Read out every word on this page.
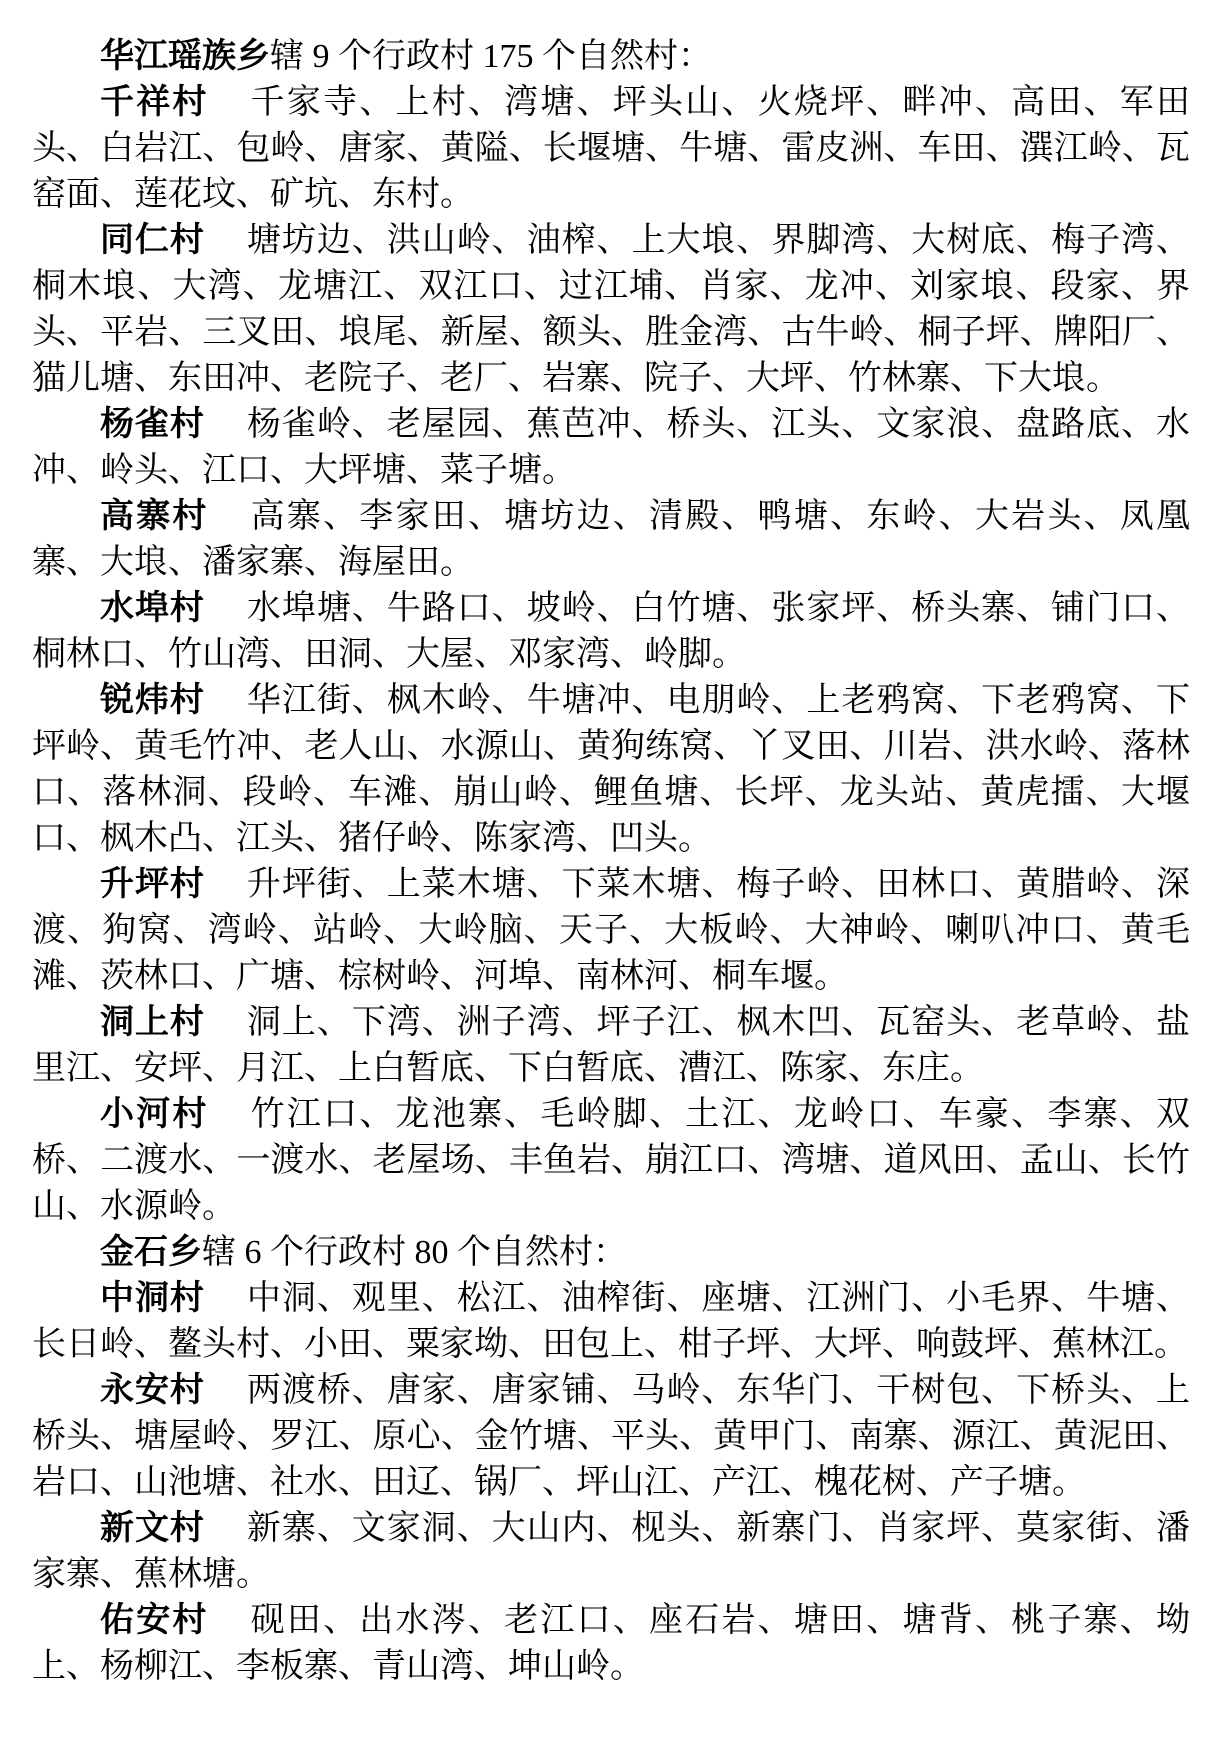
华江瑶族乡辖 9 个行政村 175 个自然村：

千祥村 千家寺、上村、湾塘、坪头山、火烧坪、畔冲、高田、军田头、白岩江、包岭、唐家、黄隘、长堰塘、牛塘、雷皮洲、车田、潠江岭、瓦窑面、莲花坟、矿坑、东村。

同仁村 塘坊边、洪山岭、油榨、上大埌、界脚湾、大树底、梅子湾、桐木埌、大湾、龙塘江、双江口、过江埔、肖家、龙冲、刘家埌、段家、界头、平岩、三叉田、埌尾、新屋、额头、胜金湾、古牛岭、桐子坪、牌阳厂、猫儿塘、东田冲、老院子、老厂、岩寨、院子、大坪、竹林寨、下大埌。

杨雀村 杨雀岭、老屋园、蕉芭冲、桥头、江头、文家浪、盘路底、水冲、岭头、江口、大坪塘、菜子塘。

高寨村 高寨、李家田、塘坊边、清殿、鸭塘、东岭、大岩头、凤凰寨、大埌、潘家寨、海屋田。

水埠村 水埠塘、牛路口、坡岭、白竹塘、张家坪、桥头寨、铺门口、桐林口、竹山湾、田洞、大屋、邓家湾、岭脚。

锐炜村 华江街、枫木岭、牛塘冲、电朋岭、上老鸦窝、下老鸦窝、下坪岭、黄毛竹冲、老人山、水源山、黄狗练窝、丫叉田、川岩、洪水岭、落林口、落林洞、段岭、车滩、崩山岭、鲤鱼塘、长坪、龙头站、黄虎擂、大堰口、枫木凸、江头、猪仔岭、陈家湾、凹头。

升坪村 升坪街、上菜木塘、下菜木塘、梅子岭、田林口、黄腊岭、深渡、狗窝、湾岭、站岭、大岭脑、天子、大板岭、大神岭、喇叭冲口、黄毛滩、茨林口、广塘、棕树岭、河埠、南林河、桐车堰。

洞上村 洞上、下湾、洲子湾、坪子江、枫木凹、瓦窑头、老草岭、盐里江、安坪、月江、上白暂底、下白暂底、漕江、陈家、东庄。

小河村 竹江口、龙池寨、毛岭脚、土江、龙岭口、车豪、李寨、双桥、二渡水、一渡水、老屋场、丰鱼岩、崩江口、湾塘、道风田、孟山、长竹山、水源岭。

金石乡辖 6 个行政村 80 个自然村：

中洞村 中洞、观里、松江、油榨街、座塘、江洲门、小毛界、牛塘、长日岭、鳌头村、小田、粟家坳、田包上、柑子坪、大坪、响鼓坪、蕉林江。

永安村 两渡桥、唐家、唐家铺、马岭、东华门、干树包、下桥头、上桥头、塘屋岭、罗江、原心、金竹塘、平头、黄甲门、南寨、源江、黄泥田、岩口、山池塘、社水、田辽、锅厂、坪山江、产江、槐花树、产子塘。

新文村 新寨、文家洞、大山内、枧头、新寨门、肖家坪、莫家街、潘家寨、蕉林塘。

佑安村 砚田、出水涔、老江口、座石岩、塘田、塘背、桃子寨、坳上、杨柳江、李板寨、青山湾、坤山岭。
